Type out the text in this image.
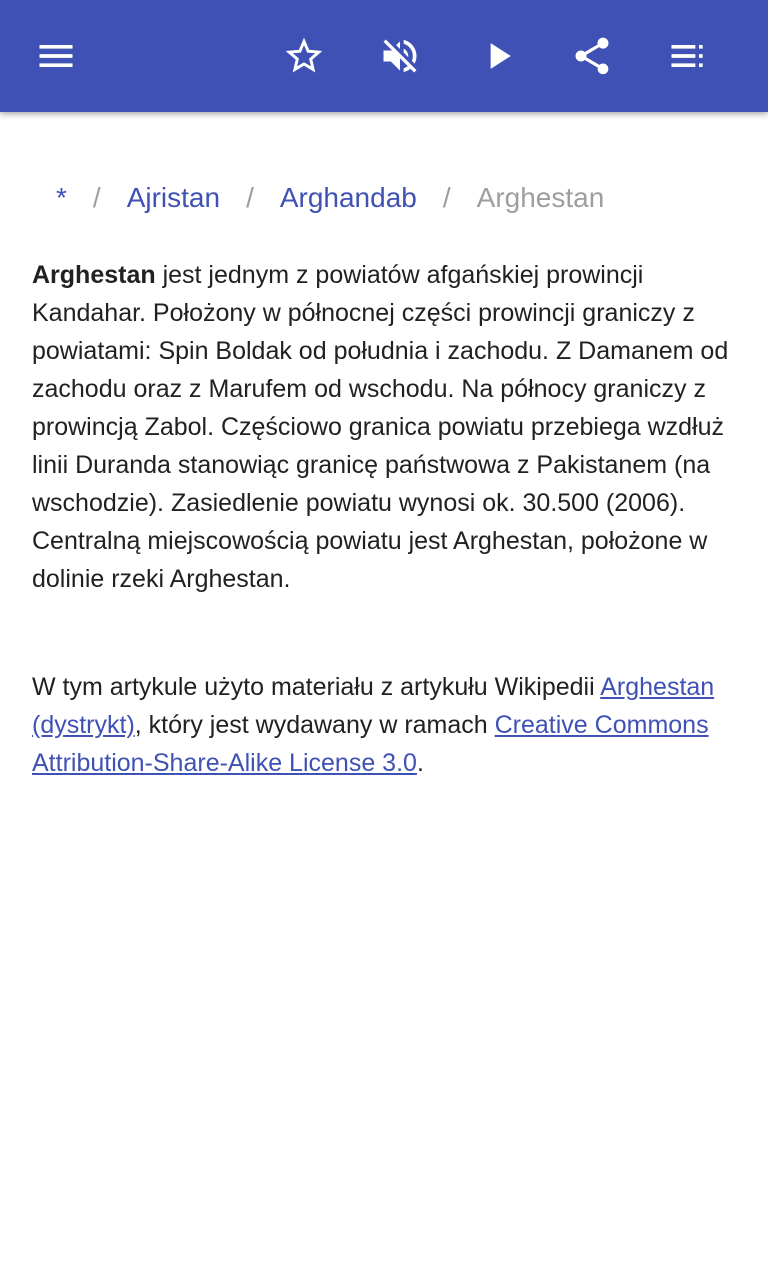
* / Ajristan / Arghandab / Arghestan

Arghestan jest jednym z powiatów afgańskiej prowincji Kandahar. Położony w północnej części prowincji graniczy z powiatami: Spin Boldak od południa i zachodu. Z Damanem od zachodu oraz z Marufem od wschodu. Na północy graniczy z prowincją Zabol. Częściowo granica powiatu przebiega wzdłuż linii Duranda stanowiąc granicę państwowa z Pakistanem (na wschodzie). Zasiedlenie powiatu wynosi ok. 30.500 (2006). Centralną miejscowością powiatu jest Arghestan, położone w dolinie rzeki Arghestan.

W tym artykule użyto materiału z artykułu Wikipedii Arghestan (dystrykt), który jest wydawany w ramach Creative Commons Attribution-Share-Alike License 3.0.
